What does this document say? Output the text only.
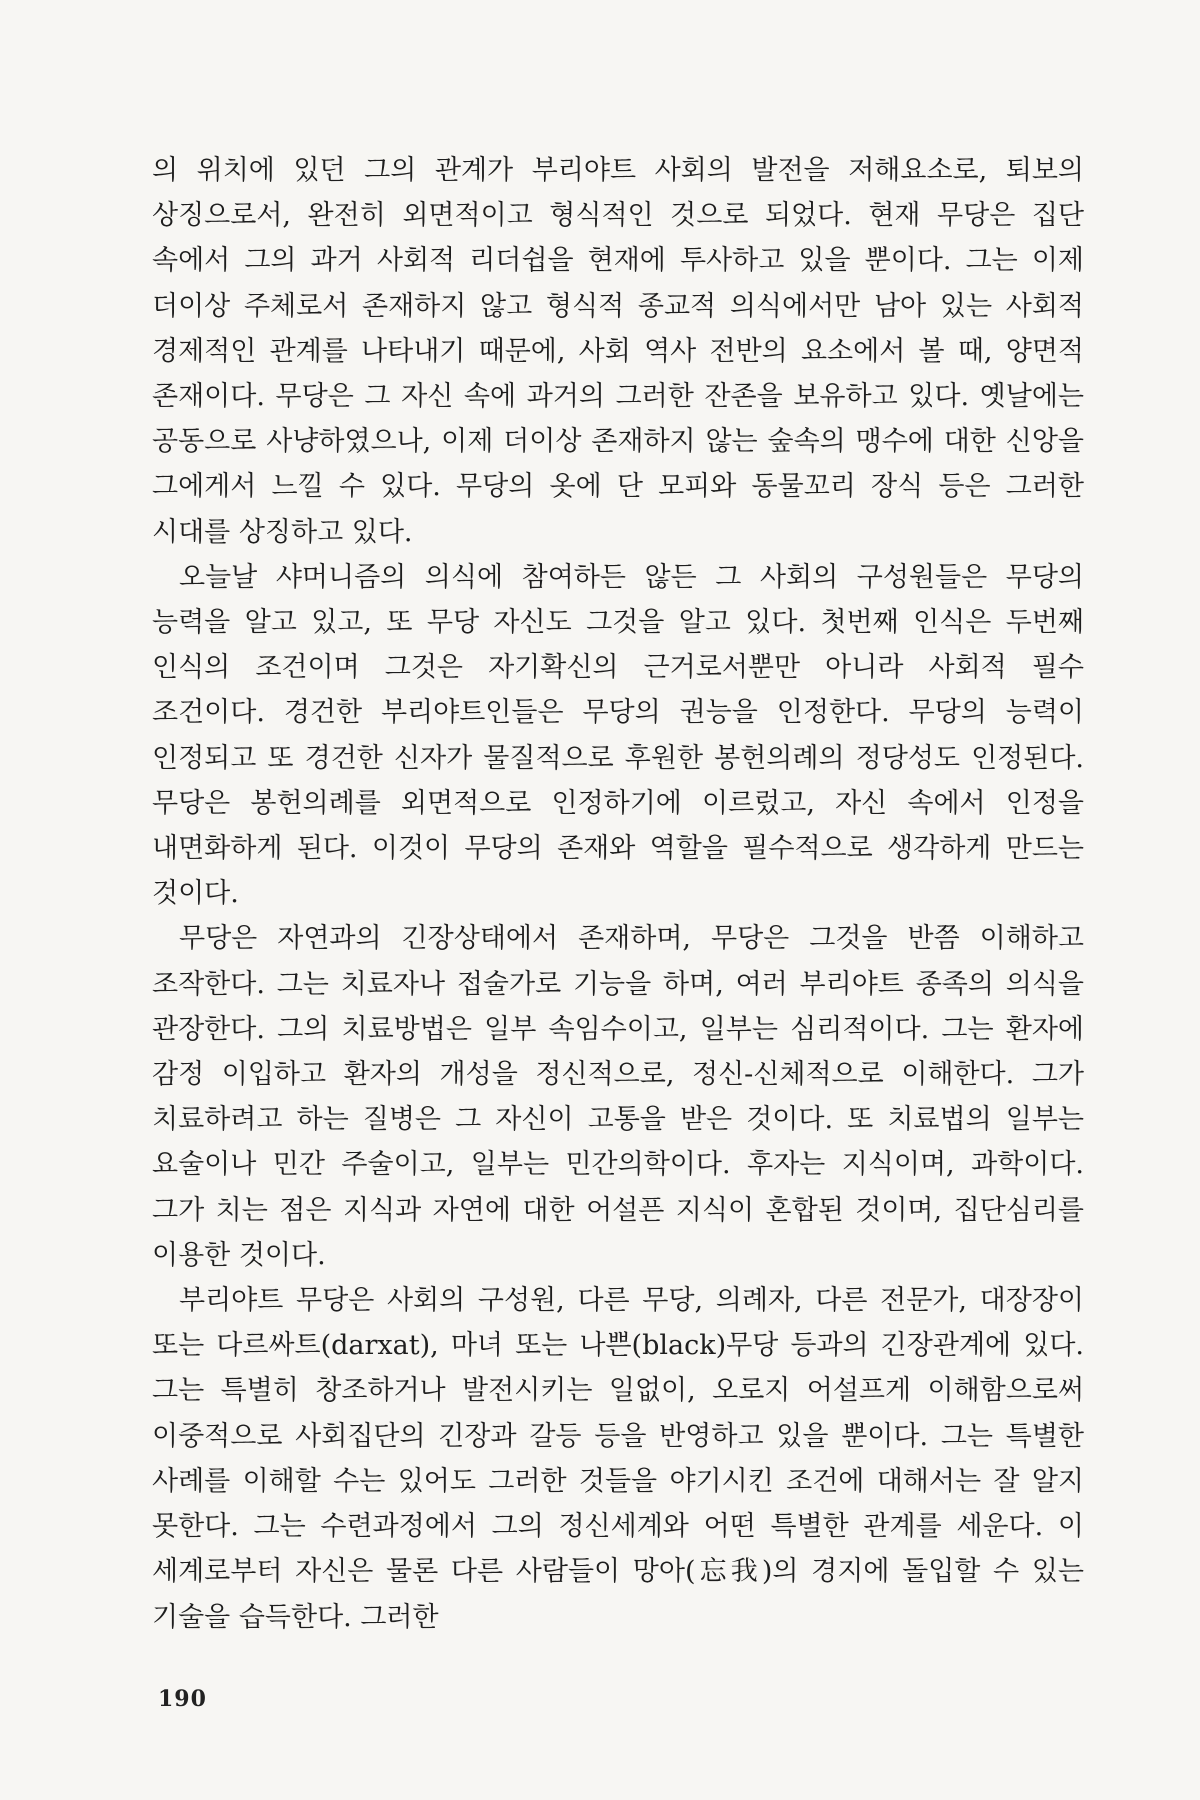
의 위치에 있던 그의 관계가 부리야트 사회의 발전을 저해요소로, 퇴보의 상징으로서, 완전히 외면적이고 형식적인 것으로 되었다. 현재 무당은 집단 속에서 그의 과거 사회적 리더쉽을 현재에 투사하고 있을 뿐이다. 그는 이제 더이상 주체로서 존재하지 않고 형식적 종교적 의식에서만 남아 있는 사회적 경제적인 관계를 나타내기 때문에, 사회 역사 전반의 요소에서 볼 때, 양면적 존재이다. 무당은 그 자신 속에 과거의 그러한 잔존을 보유하고 있다. 옛날에는 공동으로 사냥하였으나, 이제 더이상 존재하지 않는 숲속의 맹수에 대한 신앙을 그에게서 느낄 수 있다. 무당의 옷에 단 모피와 동물꼬리 장식 등은 그러한 시대를 상징하고 있다.

오늘날 샤머니즘의 의식에 참여하든 않든 그 사회의 구성원들은 무당의 능력을 알고 있고, 또 무당 자신도 그것을 알고 있다. 첫번째 인식은 두번째 인식의 조건이며 그것은 자기확신의 근거로서뿐만 아니라 사회적 필수 조건이다. 경건한 부리야트인들은 무당의 권능을 인정한다. 무당의 능력이 인정되고 또 경건한 신자가 물질적으로 후원한 봉헌의례의 정당성도 인정된다. 무당은 봉헌의례를 외면적으로 인정하기에 이르렀고, 자신 속에서 인정을 내면화하게 된다. 이것이 무당의 존재와 역할을 필수적으로 생각하게 만드는 것이다.

무당은 자연과의 긴장상태에서 존재하며, 무당은 그것을 반쯤 이해하고 조작한다. 그는 치료자나 접술가로 기능을 하며, 여러 부리야트 종족의 의식을 관장한다. 그의 치료방법은 일부 속임수이고, 일부는 심리적이다. 그는 환자에 감정 이입하고 환자의 개성을 정신적으로, 정신-신체적으로 이해한다. 그가 치료하려고 하는 질병은 그 자신이 고통을 받은 것이다. 또 치료법의 일부는 요술이나 민간 주술이고, 일부는 민간의학이다. 후자는 지식이며, 과학이다. 그가 치는 점은 지식과 자연에 대한 어설픈 지식이 혼합된 것이며, 집단심리를 이용한 것이다.

부리야트 무당은 사회의 구성원, 다른 무당, 의례자, 다른 전문가, 대장장이 또는 다르싸트(darxat), 마녀 또는 나쁜(black)무당 등과의 긴장관계에 있다. 그는 특별히 창조하거나 발전시키는 일없이, 오로지 어설프게 이해함으로써 이중적으로 사회집단의 긴장과 갈등 등을 반영하고 있을 뿐이다. 그는 특별한 사례를 이해할 수는 있어도 그러한 것들을 야기시킨 조건에 대해서는 잘 알지 못한다. 그는 수련과정에서 그의 정신세계와 어떤 특별한 관계를 세운다. 이 세계로부터 자신은 물론 다른 사람들이 망아(忘我)의 경지에 돌입할 수 있는 기술을 습득한다. 그러한

190
